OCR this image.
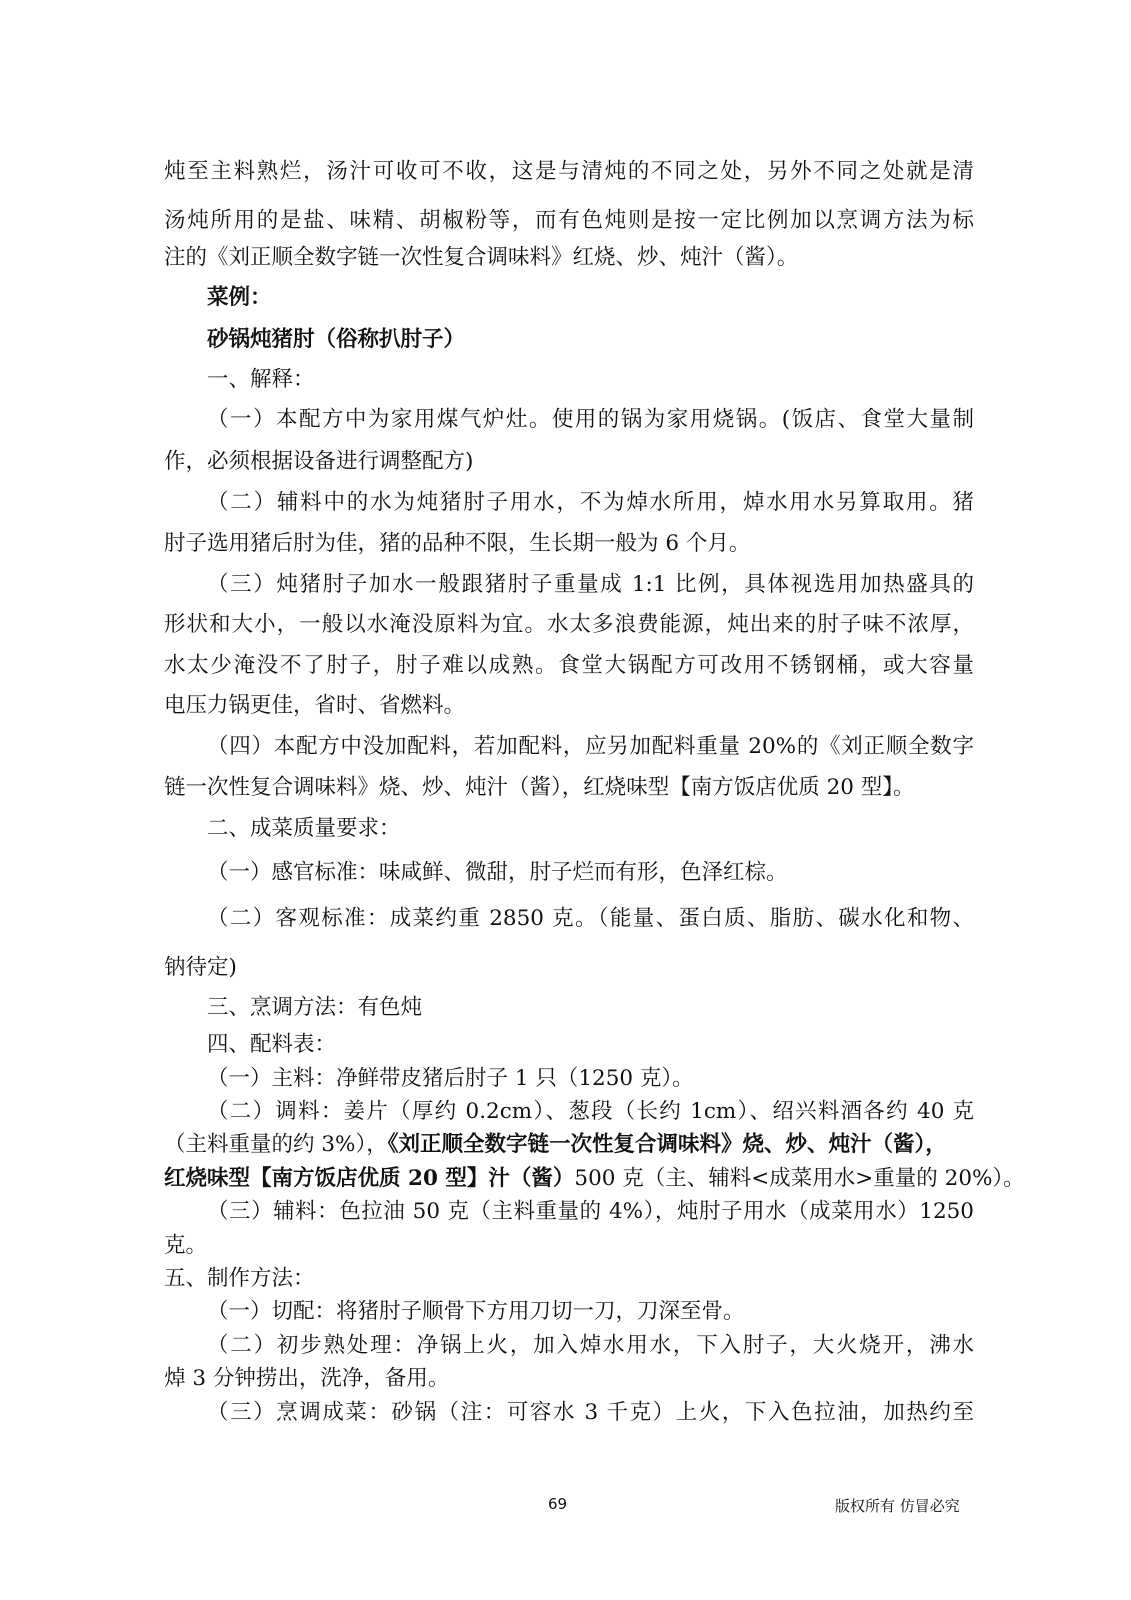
炖至主料熟烂，汤汁可收可不收，这是与清炖的不同之处，另外不同之处就是清
汤炖所用的是盐、味精、胡椒粉等，而有色炖则是按一定比例加以烹调方法为标
注的《刘正顺全数字链一次性复合调味料》红烧、炒、炖汁（酱）。
菜例：
砂锅炖猪肘（俗称扒肘子）
一、解释：
（一）本配方中为家用煤气炉灶。使用的锅为家用烧锅。(饭店、食堂大量制
作，必须根据设备进行调整配方)
（二）辅料中的水为炖猪肘子用水，不为焯水所用，焯水用水另算取用。猪
肘子选用猪后肘为佳，猪的品种不限，生长期一般为 6 个月。
（三）炖猪肘子加水一般跟猪肘子重量成 1:1 比例，具体视选用加热盛具的
形状和大小，一般以水淹没原料为宜。水太多浪费能源，炖出来的肘子味不浓厚，
水太少淹没不了肘子，肘子难以成熟。食堂大锅配方可改用不锈钢桶，或大容量
电压力锅更佳，省时、省燃料。
（四）本配方中没加配料，若加配料，应另加配料重量 20%的《刘正顺全数字
链一次性复合调味料》烧、炒、炖汁（酱），红烧味型【南方饭店优质 20 型】。
二、成菜质量要求：
（一）感官标准：味咸鲜、微甜，肘子烂而有形，色泽红棕。
（二）客观标准：成菜约重 2850 克。（能量、蛋白质、脂肪、碳水化和物、
钠待定)
三、烹调方法：有色炖
四、配料表：
（一）主料：净鲜带皮猪后肘子 1 只（1250 克）。
（二）调料：姜片（厚约 0.2cm）、葱段（长约 1cm）、绍兴料酒各约 40 克
（主料重量的约 3%），《刘正顺全数字链一次性复合调味料》烧、炒、炖汁（酱），
红烧味型【南方饭店优质 20 型】汁（酱）500 克（主、辅料<成菜用水>重量的 20%）。
（三）辅料：色拉油 50 克（主料重量的 4%），炖肘子用水（成菜用水）1250
克。
五、制作方法：
（一）切配：将猪肘子顺骨下方用刀切一刀，刀深至骨。
（二）初步熟处理：净锅上火，加入焯水用水，下入肘子，大火烧开，沸水
焯 3 分钟捞出，洗净，备用。
（三）烹调成菜：砂锅（注：可容水 3 千克）上火，下入色拉油，加热约至
69	版权所有 仿冒必究
